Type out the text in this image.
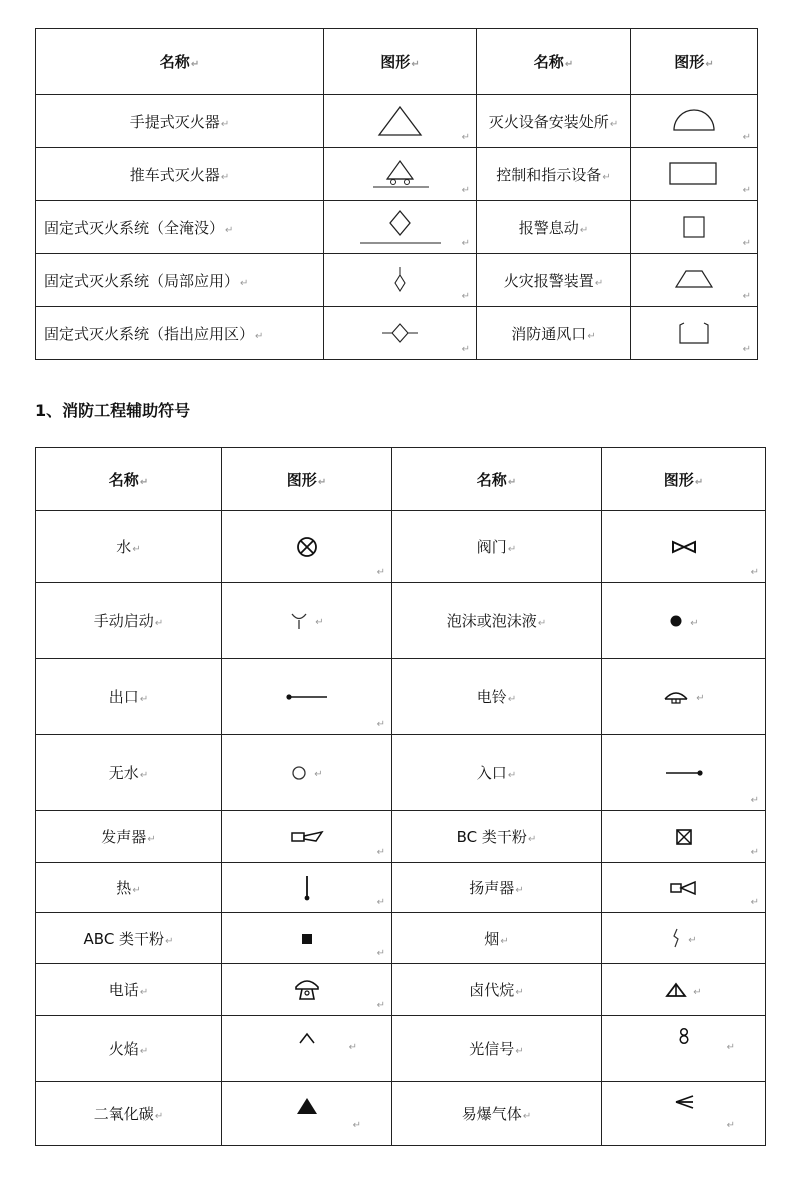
名称↵	图形↵	名称↵	图形↵
手提式灭火器↵	↵	灭火设备安装处所↵	↵

推车式灭火器↵	↵	控制和指示设备↵	↵

固定式灭火系统（全淹没）↵	↵	报警息动↵	↵

固定式灭火系统（局部应用）↵	↵	火灾报警装置↵	↵

固定式灭火系统（指出应用区）↵	↵	消防通风口↵	↵
1、消防工程辅助符号
名称↵	图形↵	名称↵	图形↵
水↵	↵	阀门↵	↵

手动启动↵	↵	泡沫或泡沫液↵	↵
出口↵	↵	电铃↵	↵
无水↵	↵	入口↵	↵

发声器↵	↵	BC 类干粉↵	↵

热↵	↵	扬声器↵	↵

ABC 类干粉↵	↵	烟↵	↵
电话↵	↵	卤代烷↵	↵
火焰↵	↵	光信号↵	↵

二氧化碳↵	↵	易爆气体↵	↵
